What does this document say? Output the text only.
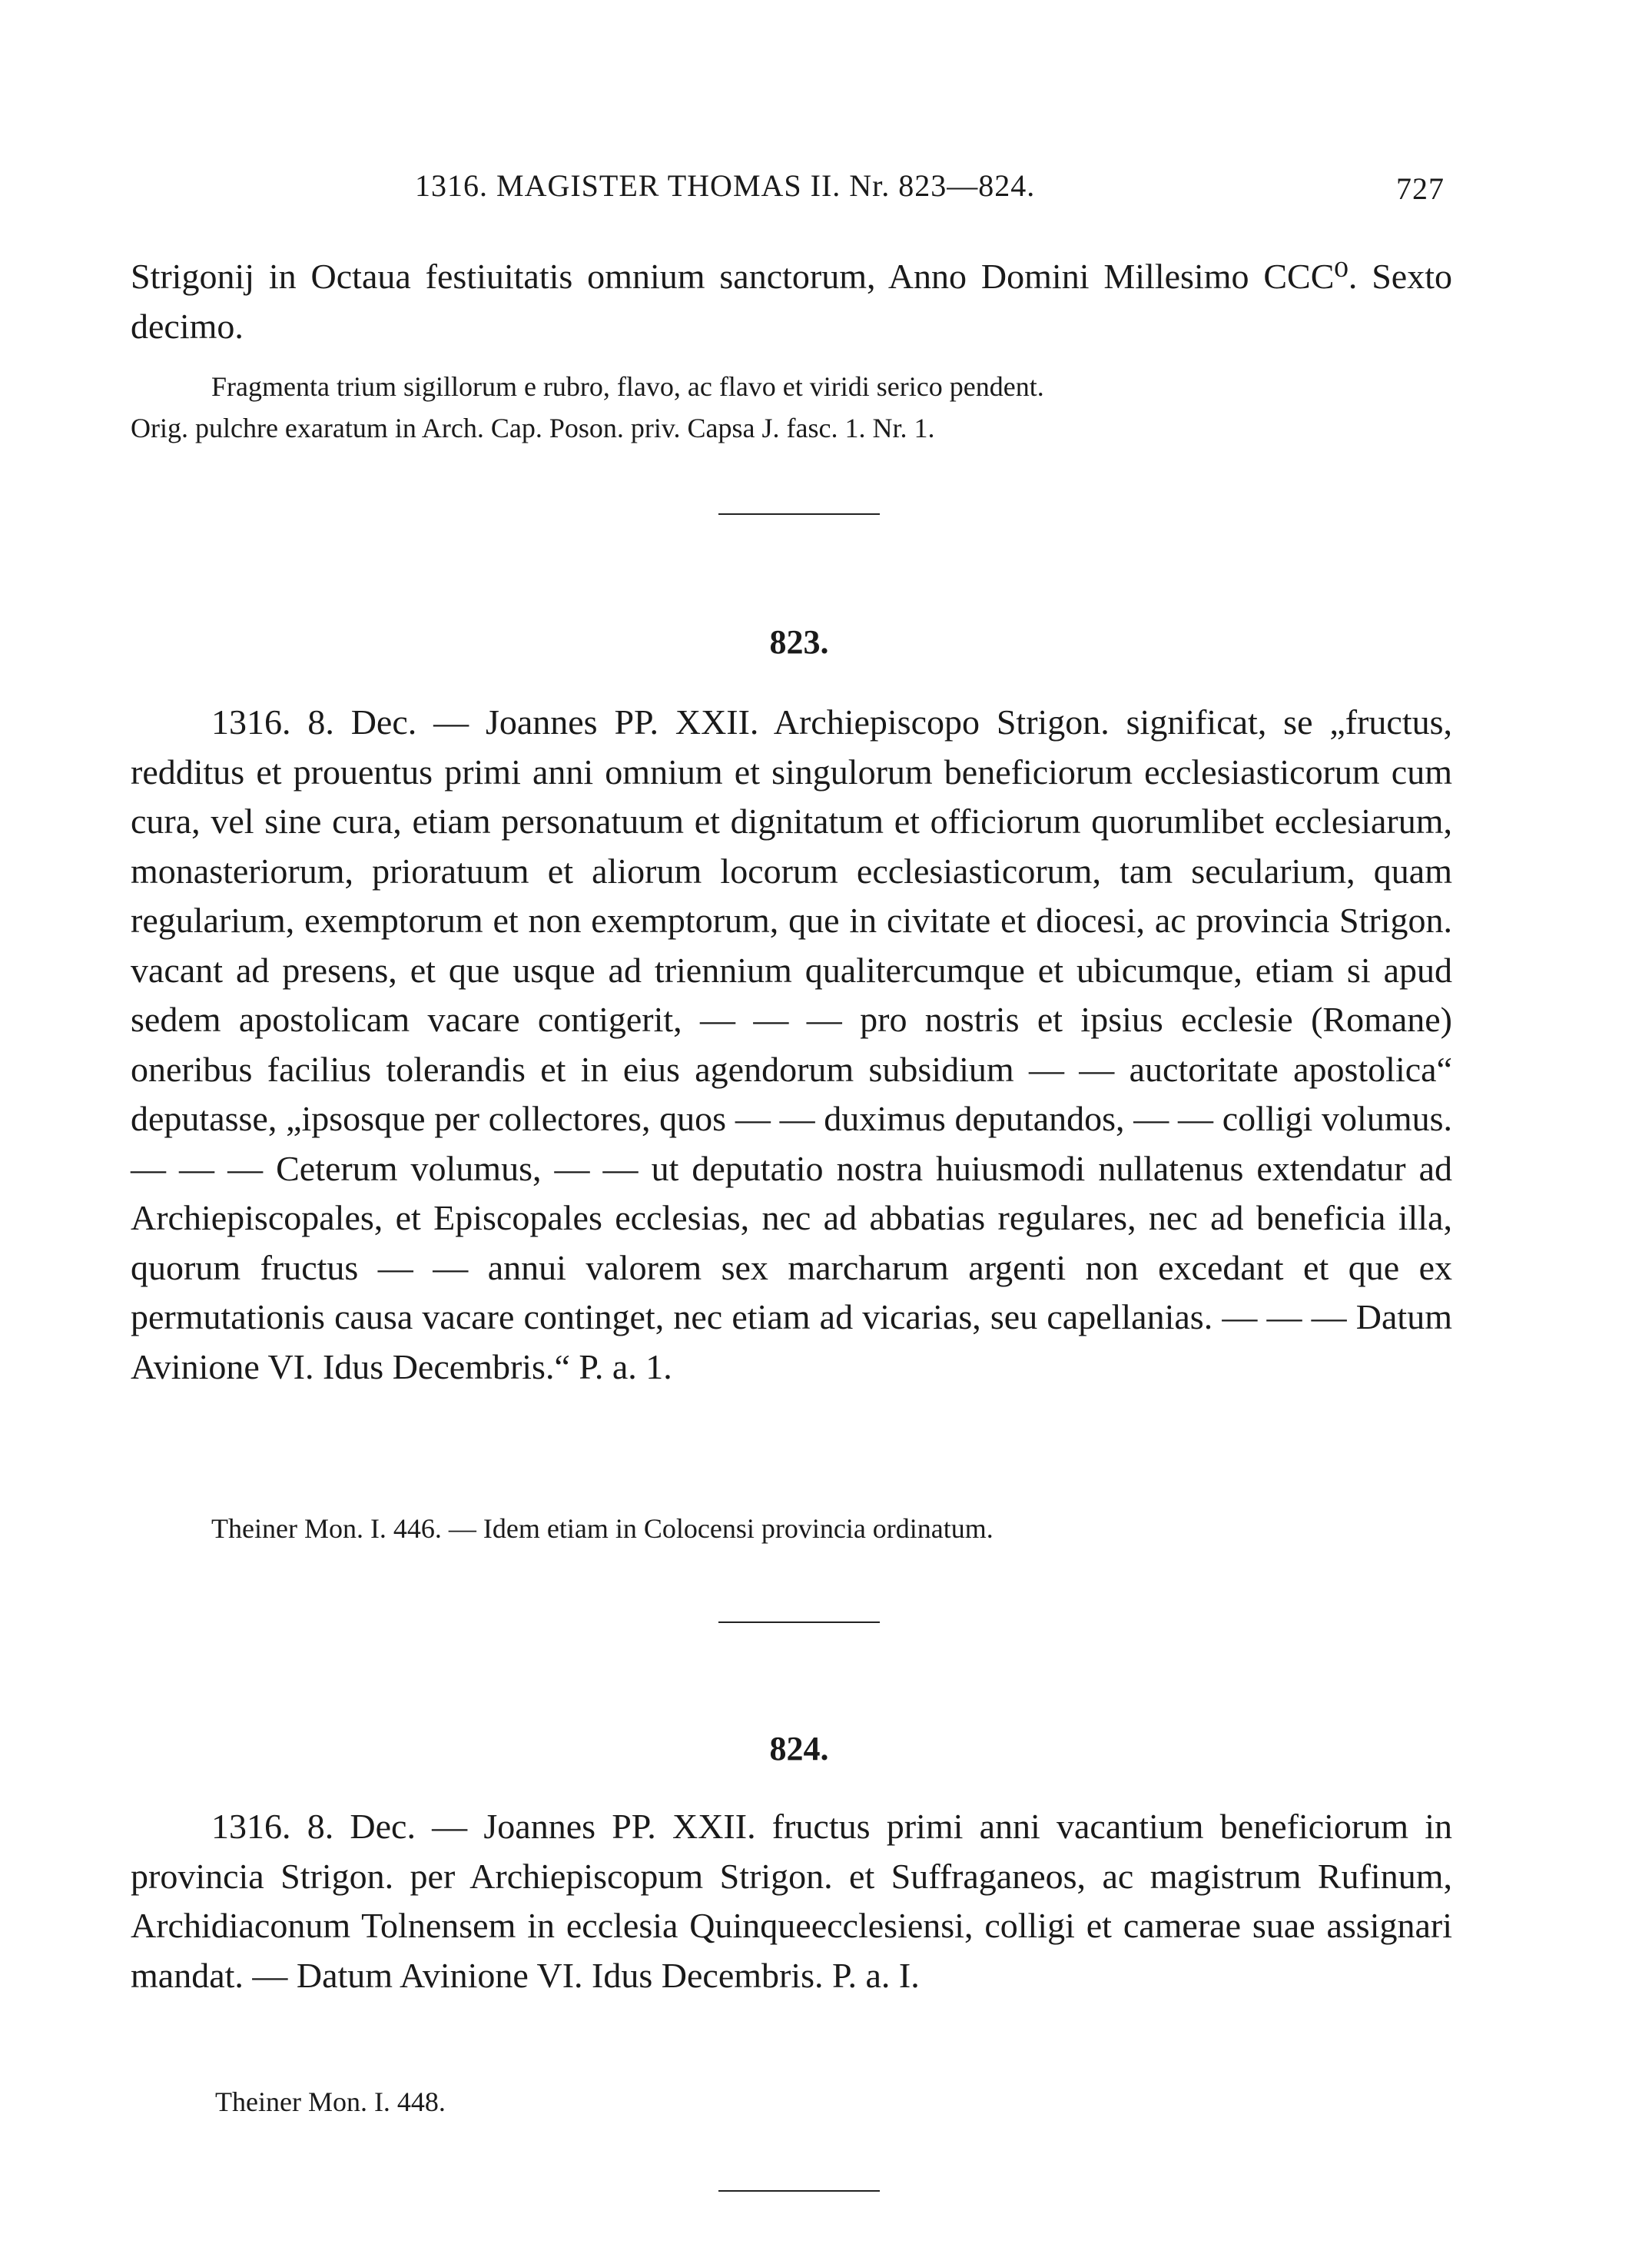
1316. MAGISTER THOMAS II. Nr. 823—824.	727

Strigonij in Octaua festiuitatis omnium sanctorum, Anno Domini Millesimo CCC⁰. Sexto decimo.

Fragmenta trium sigillorum e rubro, flavo, ac flavo et viridi serico pendent.

Orig. pulchre exaratum in Arch. Cap. Poson. priv. Capsa J. fasc. 1. Nr. 1.

823.

1316. 8. Dec. — Joannes PP. XXII. Archiepiscopo Strigon. significat, se „fructus, redditus et prouentus primi anni omnium et singulorum beneficiorum ecclesiasticorum cum cura, vel sine cura, etiam personatuum et dignitatum et officiorum quorumlibet ecclesiarum, monasteriorum, prioratuum et aliorum locorum ecclesiasticorum, tam secularium, quam regularium, exemptorum et non exemptorum, que in civitate et diocesi, ac provincia Strigon. vacant ad presens, et que usque ad triennium qualitercumque et ubicumque, etiam si apud sedem apostolicam vacare contigerit, — — — pro nostris et ipsius ecclesie (Romane) oneribus facilius tolerandis et in eius agendorum subsidium — — auctoritate apostolica“ deputasse, „ipsosque per collectores, quos — — duximus deputandos, — — colligi volumus. — — — Ceterum volumus, — — ut deputatio nostra huiusmodi nullatenus extendatur ad Archiepiscopales, et Episcopales ecclesias, nec ad abbatias regulares, nec ad beneficia illa, quorum fructus — — annui valorem sex marcharum argenti non excedant et que ex permutationis causa vacare continget, nec etiam ad vicarias, seu capellanias. — — — Datum Avinione VI. Idus Decembris.“ P. a. 1.

Theiner Mon. I. 446. — Idem etiam in Colocensi provincia ordinatum.

824.

1316. 8. Dec. — Joannes PP. XXII. fructus primi anni vacantium beneficiorum in provincia Strigon. per Archiepiscopum Strigon. et Suffraganeos, ac magistrum Rufinum, Archidiaconum Tolnensem in ecclesia Quinqueecclesiensi, colligi et camerae suae assignari mandat. — Datum Avinione VI. Idus Decembris. P. a. I.

Theiner Mon. I. 448.
